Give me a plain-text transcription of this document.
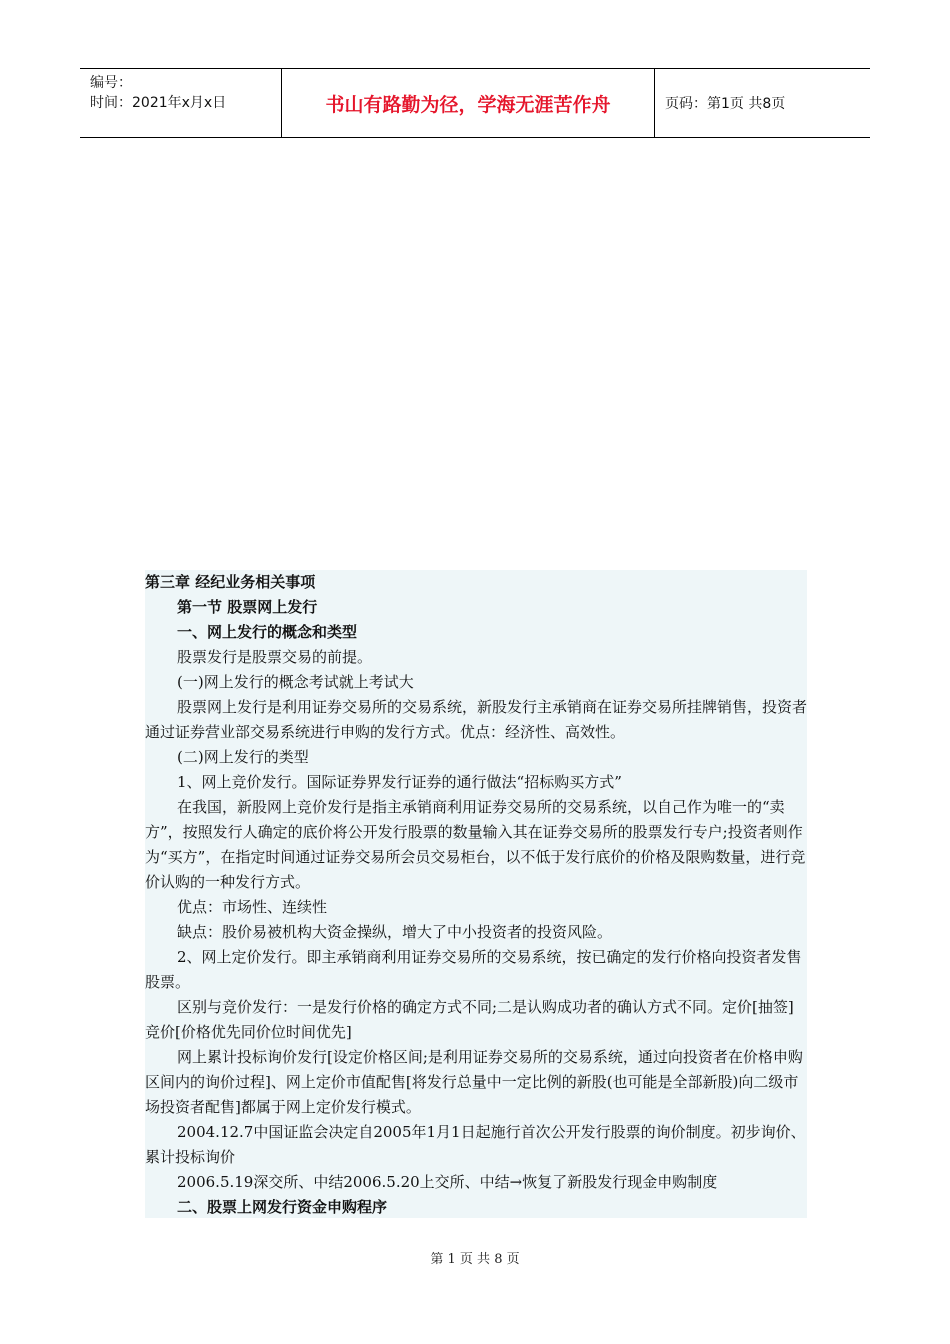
编号：
时间：2021年x月x日	书山有路勤为径，学海无涯苦作舟	页码：第1页 共8页

第三章 经纪业务相关事项

第一节 股票网上发行

一、网上发行的概念和类型

股票发行是股票交易的前提。

(一)网上发行的概念考试就上考试大

股票网上发行是利用证券交易所的交易系统，新股发行主承销商在证券交易所挂牌销售，投资者通过证券营业部交易系统进行申购的发行方式。优点：经济性、高效性。

(二)网上发行的类型

1、网上竞价发行。国际证券界发行证券的通行做法“招标购买方式”

在我国，新股网上竞价发行是指主承销商利用证券交易所的交易系统，以自己作为唯一的“卖方”，按照发行人确定的底价将公开发行股票的数量输入其在证券交易所的股票发行专户;投资者则作为“买方”，在指定时间通过证券交易所会员交易柜台，以不低于发行底价的价格及限购数量，进行竞价认购的一种发行方式。

优点：市场性、连续性

缺点：股价易被机构大资金操纵，增大了中小投资者的投资风险。

2、网上定价发行。即主承销商利用证券交易所的交易系统，按已确定的发行价格向投资者发售股票。

区别与竞价发行：一是发行价格的确定方式不同;二是认购成功者的确认方式不同。定价[抽签]竞价[价格优先同价位时间优先]

网上累计投标询价发行[设定价格区间;是利用证券交易所的交易系统，通过向投资者在价格申购区间内的询价过程]、网上定价市值配售[将发行总量中一定比例的新股(也可能是全部新股)向二级市场投资者配售]都属于网上定价发行模式。

2004.12.7中国证监会决定自2005年1月1日起施行首次公开发行股票的询价制度。初步询价、累计投标询价

2006.5.19深交所、中结2006.5.20上交所、中结→恢复了新股发行现金申购制度

二、股票上网发行资金申购程序

第 1 页 共 8 页
